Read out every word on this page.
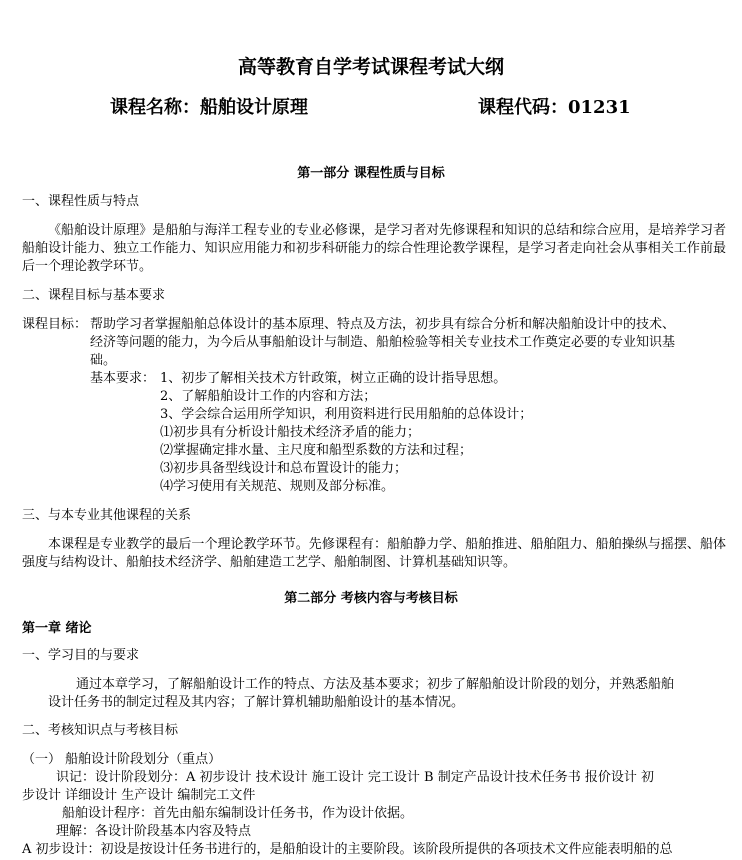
高等教育自学考试课程考试大纲
课程名称：船舶设计原理	课程代码：01231
第一部分 课程性质与目标
一、课程性质与特点
《船舶设计原理》是船舶与海洋工程专业的专业必修课，是学习者对先修课程和知识的总结和综合应用，是培养学习者船舶设计能力、独立工作能力、知识应用能力和初步科研能力的综合性理论教学课程，是学习者走向社会从事相关工作前最后一个理论教学环节。
二、课程目标与基本要求
课程目标： 帮助学习者掌握船舶总体设计的基本原理、特点及方法，初步具有综合分析和解决船舶设计中的技术、
经济等问题的能力，为今后从事船舶设计与制造、船舶检验等相关专业技术工作奠定必要的专业知识基
础。
基本要求： 1、初步了解相关技术方针政策，树立正确的设计指导思想。
2、了解船舶设计工作的内容和方法；
3、学会综合运用所学知识，利用资料进行民用船舶的总体设计；
⑴初步具有分析设计船技术经济矛盾的能力；
⑵掌握确定排水量、主尺度和船型系数的方法和过程；
⑶初步具备型线设计和总布置设计的能力；
⑷学习使用有关规范、规则及部分标准。
三、与本专业其他课程的关系
本课程是专业教学的最后一个理论教学环节。先修课程有：船舶静力学、船舶推进、船舶阻力、船舶操纵与摇摆、船体强度与结构设计、船舶技术经济学、船舶建造工艺学、船舶制图、计算机基础知识等。
第二部分 考核内容与考核目标
第一章 绪论
一、学习目的与要求
通过本章学习，了解船舶设计工作的特点、方法及基本要求；初步了解船舶设计阶段的划分，并熟悉船舶
设计任务书的制定过程及其内容；了解计算机辅助船舶设计的基本情况。
二、考核知识点与考核目标
（一） 船舶设计阶段划分（重点）
识记：设计阶段划分：A 初步设计 技术设计 施工设计 完工设计 B 制定产品设计技术任务书 报价设计 初
步设计 详细设计 生产设计 编制完工文件
船舶设计程序：首先由船东编制设计任务书，作为设计依据。
理解：各设计阶段基本内容及特点
A 初步设计：初设是按设计任务书进行的，是船舶设计的主要阶段。该阶段所提供的各项技术文件应能表明船的总
